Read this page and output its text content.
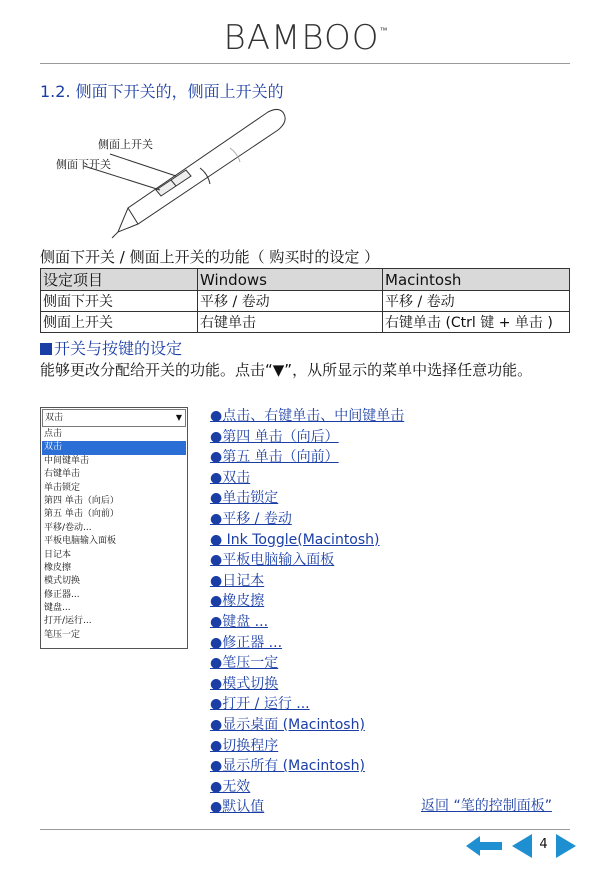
BAMBOO™
1.2. 侧面下开关的，侧面上开关的
侧面上开关
侧面下开关
侧面下开关 / 侧面上开关的功能（ 购买时的设定 ）
设定项目	Windows	Macintosh
侧面下开关	平移 / 卷动	平移 / 卷动
侧面上开关	右键单击	右键单击 (Ctrl 键 + 单击 )
开关与按键的设定
能够更改分配给开关的功能。点击“▼”，从所显示的菜单中选择任意功能。
双击	▼
点击
双击
中间键单击
右键单击
单击锁定
第四 单击（向后）
第五 单击（向前）
平移/卷动...
平板电脑输入面板
日记本
橡皮擦
模式切换
修正器...
键盘...
打开/运行...
笔压一定
●点击、右键单击、中间键单击
●第四 单击（向后）
●第五 单击（向前）
●双击
●单击锁定
●平移 / 卷动
● Ink Toggle(Macintosh)
●平板电脑输入面板
●日记本
●橡皮擦
●键盘 ...
●修正器 ...
●笔压一定
●模式切换
●打开 / 运行 ...
●显示桌面 (Macintosh)
●切换程序
●显示所有 (Macintosh)
●无效
●默认值	返回 “笔的控制面板”
4
